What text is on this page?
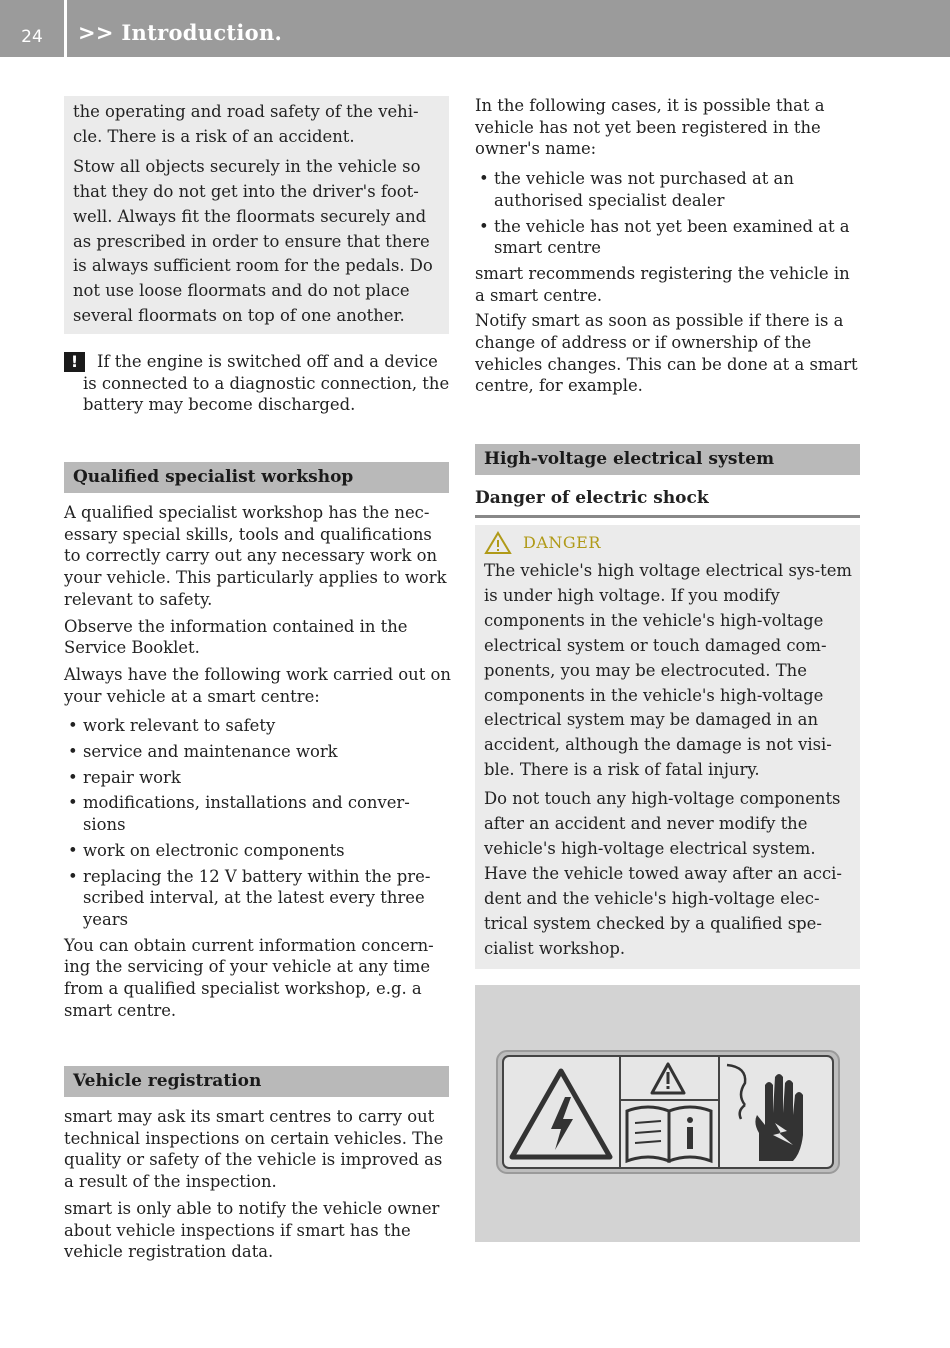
24	>> Introduction.

the operating and road safety of the vehi-cle. There is a risk of an accident.

Stow all objects securely in the vehicle so that they do not get into the driver's foot-well. Always fit the floormats securely and as prescribed in order to ensure that there is always sufficient room for the pedals. Do not use loose floormats and do not place several floormats on top of one another.

!	If the engine is switched off and a device is connected to a diagnostic connection, the battery may become discharged.

Qualified specialist workshop

A qualified specialist workshop has the nec-essary special skills, tools and qualifications to correctly carry out any necessary work on your vehicle. This particularly applies to work relevant to safety.

Observe the information contained in the Service Booklet.

Always have the following work carried out on your vehicle at a smart centre:

• work relevant to safety
• service and maintenance work
• repair work
• modifications, installations and conver-sions
• work on electronic components
• replacing the 12 V battery within the pre-scribed interval, at the latest every three years

You can obtain current information concern-ing the servicing of your vehicle at any time from a qualified specialist workshop, e.g. a smart centre.

Vehicle registration

smart may ask its smart centres to carry out technical inspections on certain vehicles. The quality or safety of the vehicle is improved as a result of the inspection.

smart is only able to notify the vehicle owner about vehicle inspections if smart has the vehicle registration data.

In the following cases, it is possible that a vehicle has not yet been registered in the owner's name:

• the vehicle was not purchased at an authorised specialist dealer
• the vehicle has not yet been examined at a smart centre

smart recommends registering the vehicle in a smart centre.

Notify smart as soon as possible if there is a change of address or if ownership of the vehicles changes. This can be done at a smart centre, for example.

High-voltage electrical system
Danger of electric shock

The vehicle's high voltage electrical sys-tem is under high voltage. If you modify components in the vehicle's high-voltage electrical system or touch damaged com-ponents, you may be electrocuted. The components in the vehicle's high-voltage electrical system may be damaged in an accident, although the damage is not visi-ble. There is a risk of fatal injury.

Do not touch any high-voltage components after an accident and never modify the vehicle's high-voltage electrical system. Have the vehicle towed away after an acci-dent and the vehicle's high-voltage elec-trical system checked by a qualified spe-cialist workshop.

DANGER
